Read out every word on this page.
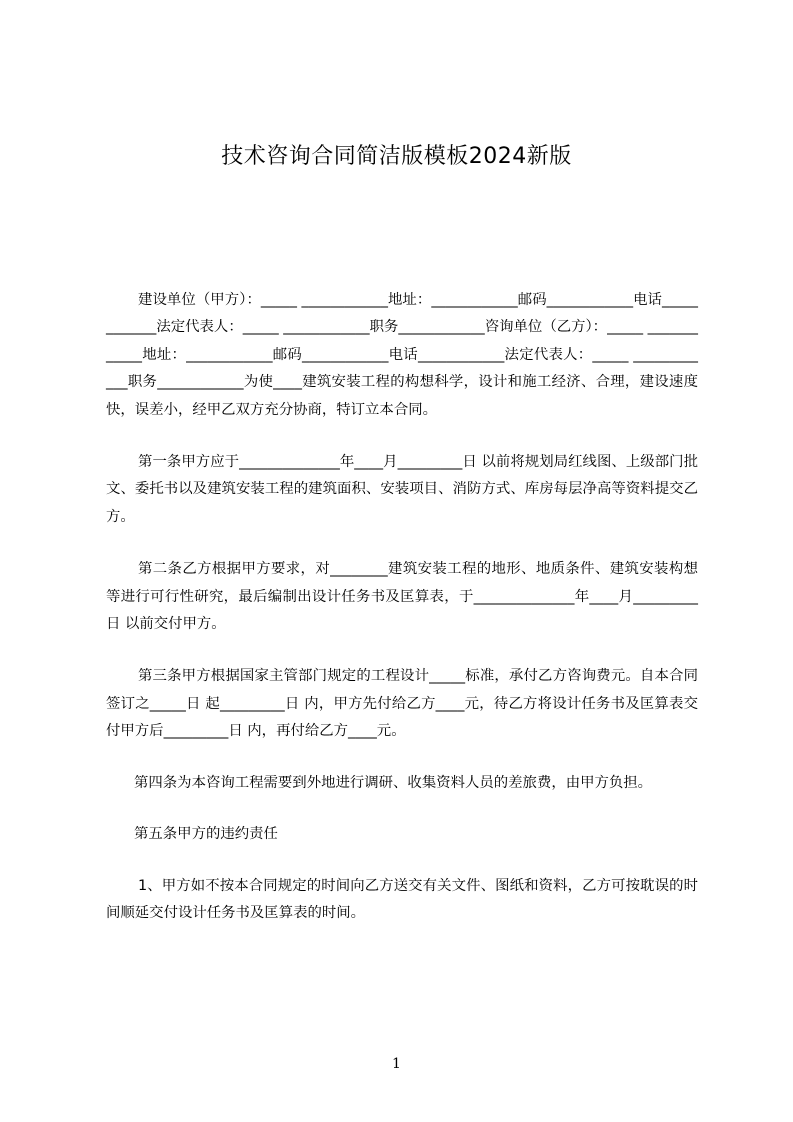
技术咨询合同简洁版模板2024新版

建设单位（甲方）：_____ ____________地址：____________邮码____________电话____________法定代表人：_____ ____________职务____________咨询单位（乙方）：_____ ____________地址：____________邮码____________电话____________法定代表人：_____ ____________职务____________为使____建筑安装工程的构想科学，设计和施工经济、合理，建设速度快，误差小，经甲乙双方充分协商，特订立本合同。

第一条甲方应于______________年____月_________日 以前将规划局红线图、上级部门批文、委托书以及建筑安装工程的建筑面积、安装项目、消防方式、库房每层净高等资料提交乙方。

第二条乙方根据甲方要求，对________建筑安装工程的地形、地质条件、建筑安装构想等进行可行性研究，最后编制出设计任务书及匡算表，于______________年____月_________日 以前交付甲方。

第三条甲方根据国家主管部门规定的工程设计_____标准，承付乙方咨询费元。自本合同签订之_____日 起_________日 内，甲方先付给乙方____元，待乙方将设计任务书及匡算表交付甲方后_________日 内，再付给乙方____元。

第四条为本咨询工程需要到外地进行调研、收集资料人员的差旅费，由甲方负担。

第五条甲方的违约责任

1、甲方如不按本合同规定的时间向乙方送交有关文件、图纸和资料，乙方可按耽误的时间顺延交付设计任务书及匡算表的时间。

1
